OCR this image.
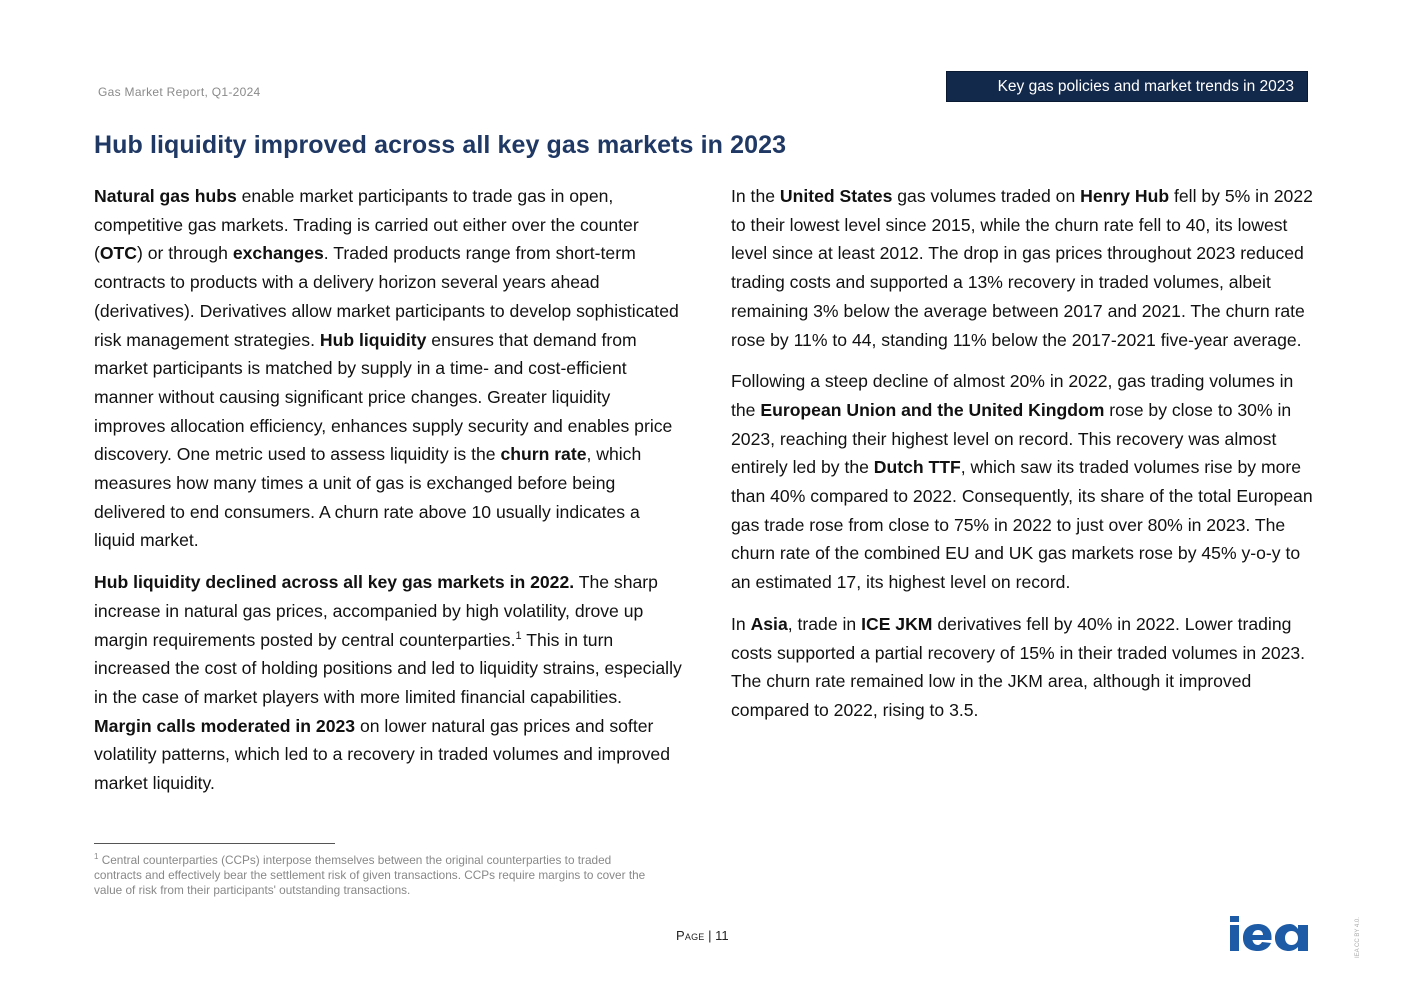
Gas Market Report, Q1-2024	Key gas policies and market trends in 2023
Hub liquidity improved across all key gas markets in 2023

Natural gas hubs enable market participants to trade gas in open, competitive gas markets. Trading is carried out either over the counter (OTC) or through exchanges. Traded products range from short-term contracts to products with a delivery horizon several years ahead (derivatives). Derivatives allow market participants to develop sophisticated risk management strategies. Hub liquidity ensures that demand from market participants is matched by supply in a time- and cost-efficient manner without causing significant price changes. Greater liquidity improves allocation efficiency, enhances supply security and enables price discovery. One metric used to assess liquidity is the churn rate, which measures how many times a unit of gas is exchanged before being delivered to end consumers. A churn rate above 10 usually indicates a liquid market.

Hub liquidity declined across all key gas markets in 2022. The sharp increase in natural gas prices, accompanied by high volatility, drove up margin requirements posted by central counterparties.$^1$ This in turn increased the cost of holding positions and led to liquidity strains, especially in the case of market players with more limited financial capabilities. Margin calls moderated in 2023 on lower natural gas prices and softer volatility patterns, which led to a recovery in traded volumes and improved market liquidity.

In the United States gas volumes traded on Henry Hub fell by 5% in 2022 to their lowest level since 2015, while the churn rate fell to 40, its lowest level since at least 2012. The drop in gas prices throughout 2023 reduced trading costs and supported a 13% recovery in traded volumes, albeit remaining 3% below the average between 2017 and 2021. The churn rate rose by 11% to 44, standing 11% below the 2017-2021 five-year average.

Following a steep decline of almost 20% in 2022, gas trading volumes in the European Union and the United Kingdom rose by close to 30% in 2023, reaching their highest level on record. This recovery was almost entirely led by the Dutch TTF, which saw its traded volumes rise by more than 40% compared to 2022. Consequently, its share of the total European gas trade rose from close to 75% in 2022 to just over 80% in 2023. The churn rate of the combined EU and UK gas markets rose by 45% y-o-y to an estimated 17, its highest level on record.

In Asia, trade in ICE JKM derivatives fell by 40% in 2022. Lower trading costs supported a partial recovery of 15% in their traded volumes in 2023. The churn rate remained low in the JKM area, although it improved compared to 2022, rising to 3.5.

$^1$ Central counterparties (CCPs) interpose themselves between the original counterparties to traded contracts and effectively bear the settlement risk of given transactions. CCPs require margins to cover the value of risk from their participants' outstanding transactions.
Page | 11
iea
IEA CC BY 4.0.
